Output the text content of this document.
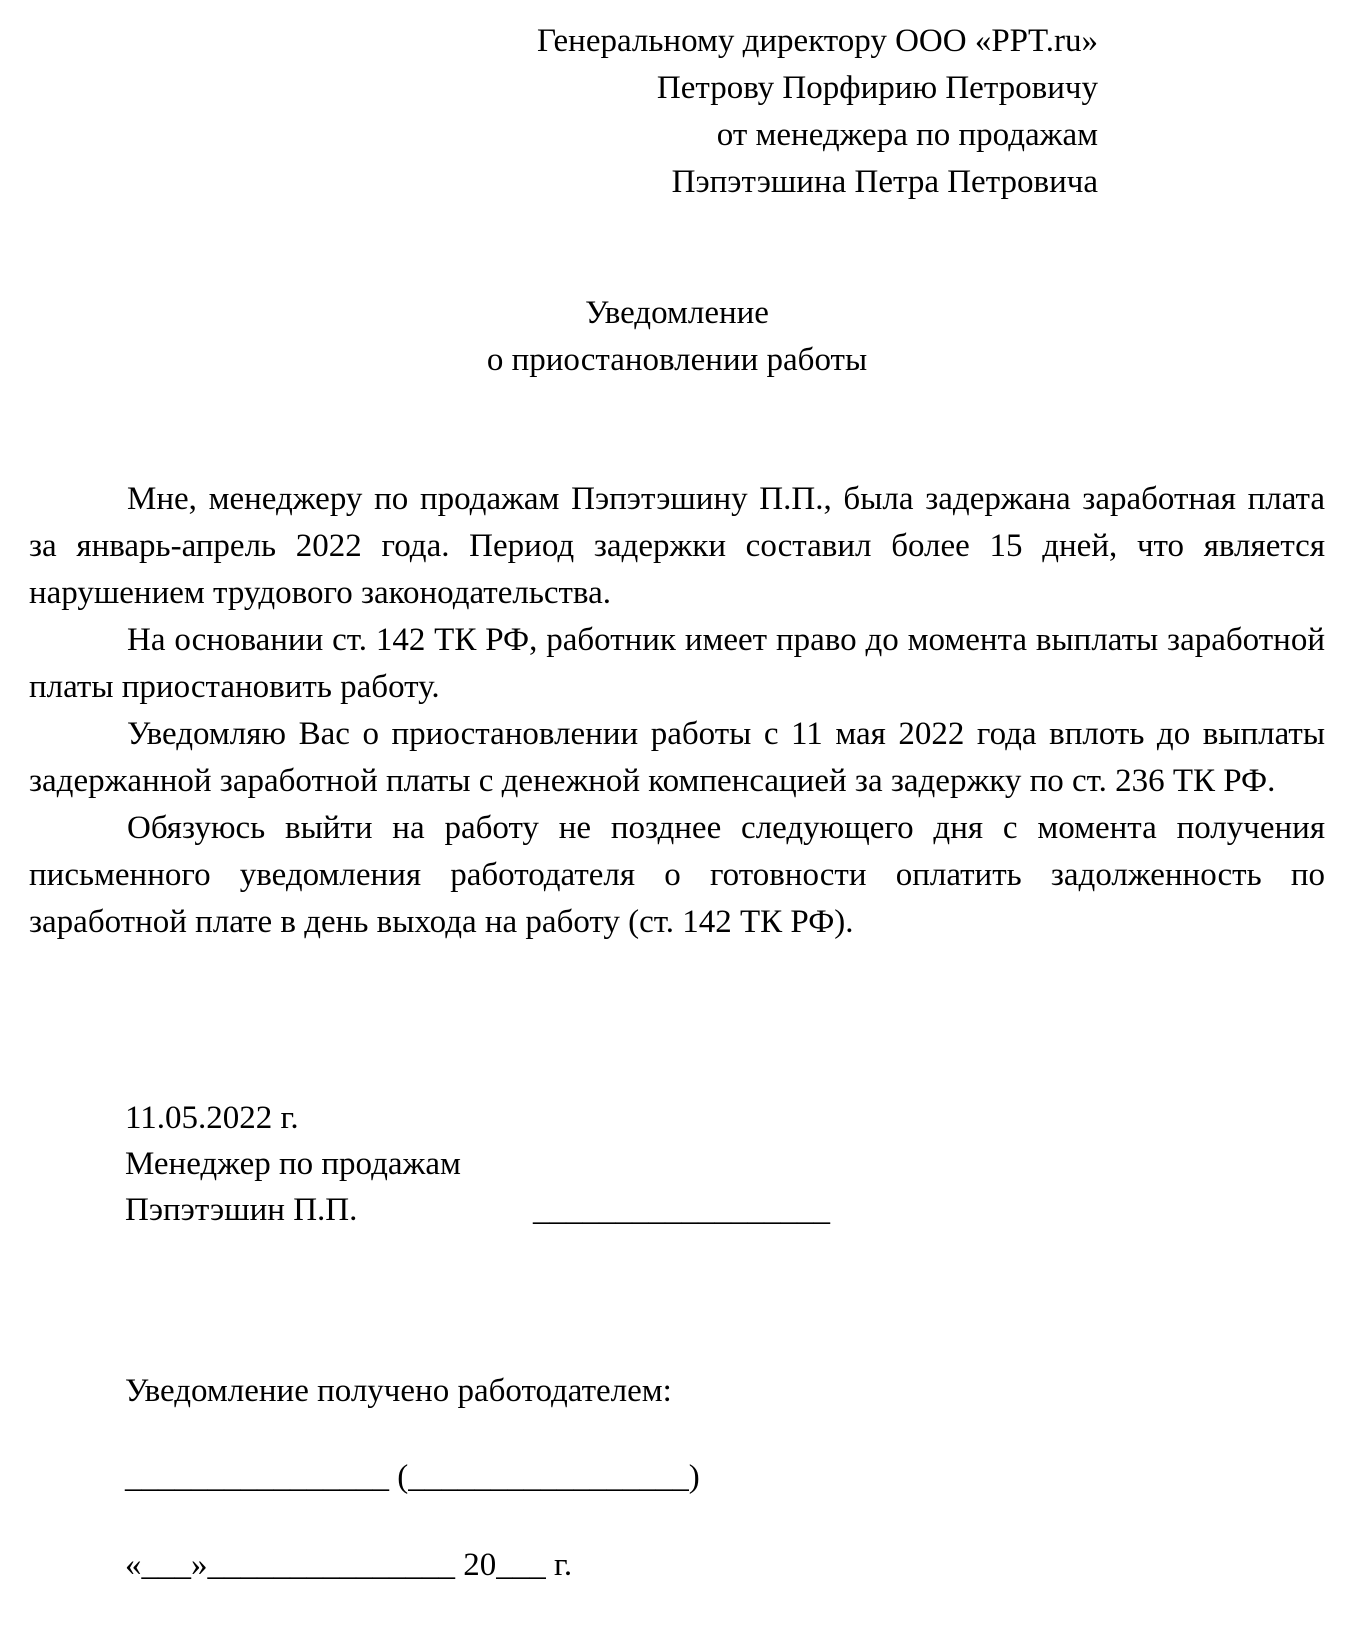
Генеральному директору ООО «PPT.ru»
Петрову Порфирию Петровичу
от менеджера по продажам
Пэпэтэшина Петра Петровича
Уведомление
о приостановлении работы

Мне, менеджеру по продажам Пэпэтэшину П.П., была задержана заработная плата за январь-апрель 2022 года. Период задержки составил более 15 дней, что является нарушением трудового законодательства.

На основании ст. 142 ТК РФ, работник имеет право до момента выплаты заработной платы приостановить работу.

Уведомляю Вас о приостановлении работы с 11 мая 2022 года вплоть до выплаты задержанной заработной платы с денежной компенсацией за задержку по ст. 236 ТК РФ.

Обязуюсь выйти на работу не позднее следующего дня с момента получения письменного уведомления работодателя о готовности оплатить задолженность по заработной плате в день выхода на работу (ст. 142 ТК РФ).

11.05.2022 г.
Менеджер по продажам
Пэпэтэшин П.П.	__________________
Уведомление получено работодателем:
________________ (_________________)
«___»_______________ 20___ г.
